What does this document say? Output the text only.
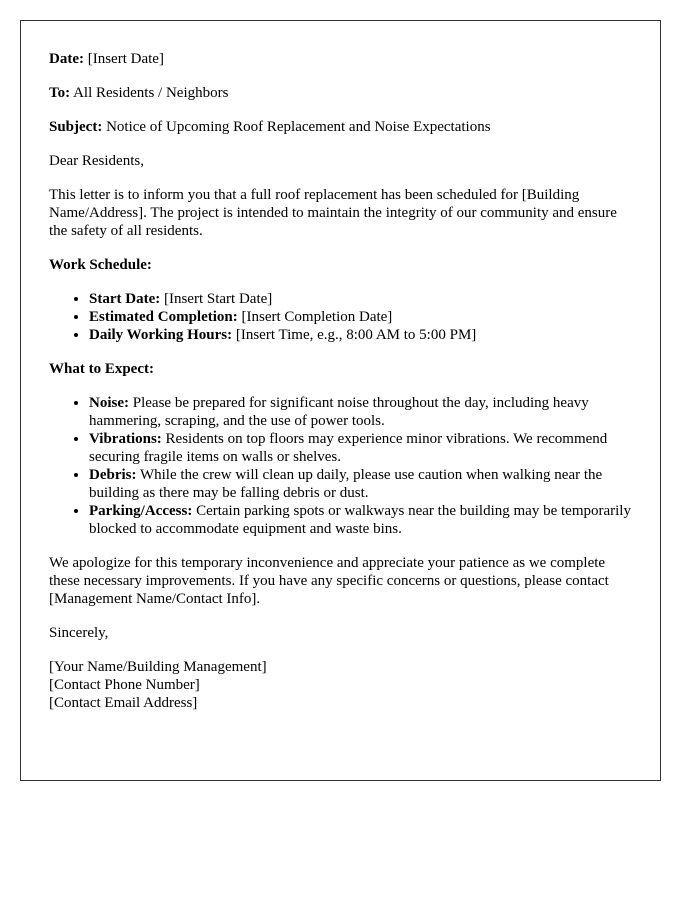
Date: [Insert Date]

To: All Residents / Neighbors

Subject: Notice of Upcoming Roof Replacement and Noise Expectations

Dear Residents,

This letter is to inform you that a full roof replacement has been scheduled for [Building Name/Address]. The project is intended to maintain the integrity of our community and ensure the safety of all residents.

Work Schedule:

• Start Date: [Insert Start Date]
• Estimated Completion: [Insert Completion Date]
• Daily Working Hours: [Insert Time, e.g., 8:00 AM to 5:00 PM]

What to Expect:

• Noise: Please be prepared for significant noise throughout the day, including heavy hammering, scraping, and the use of power tools.
• Vibrations: Residents on top floors may experience minor vibrations. We recommend securing fragile items on walls or shelves.
• Debris: While the crew will clean up daily, please use caution when walking near the building as there may be falling debris or dust.
• Parking/Access: Certain parking spots or walkways near the building may be temporarily blocked to accommodate equipment and waste bins.

We apologize for this temporary inconvenience and appreciate your patience as we complete these necessary improvements. If you have any specific concerns or questions, please contact [Management Name/Contact Info].

Sincerely,

[Your Name/Building Management]
[Contact Phone Number]
[Contact Email Address]
